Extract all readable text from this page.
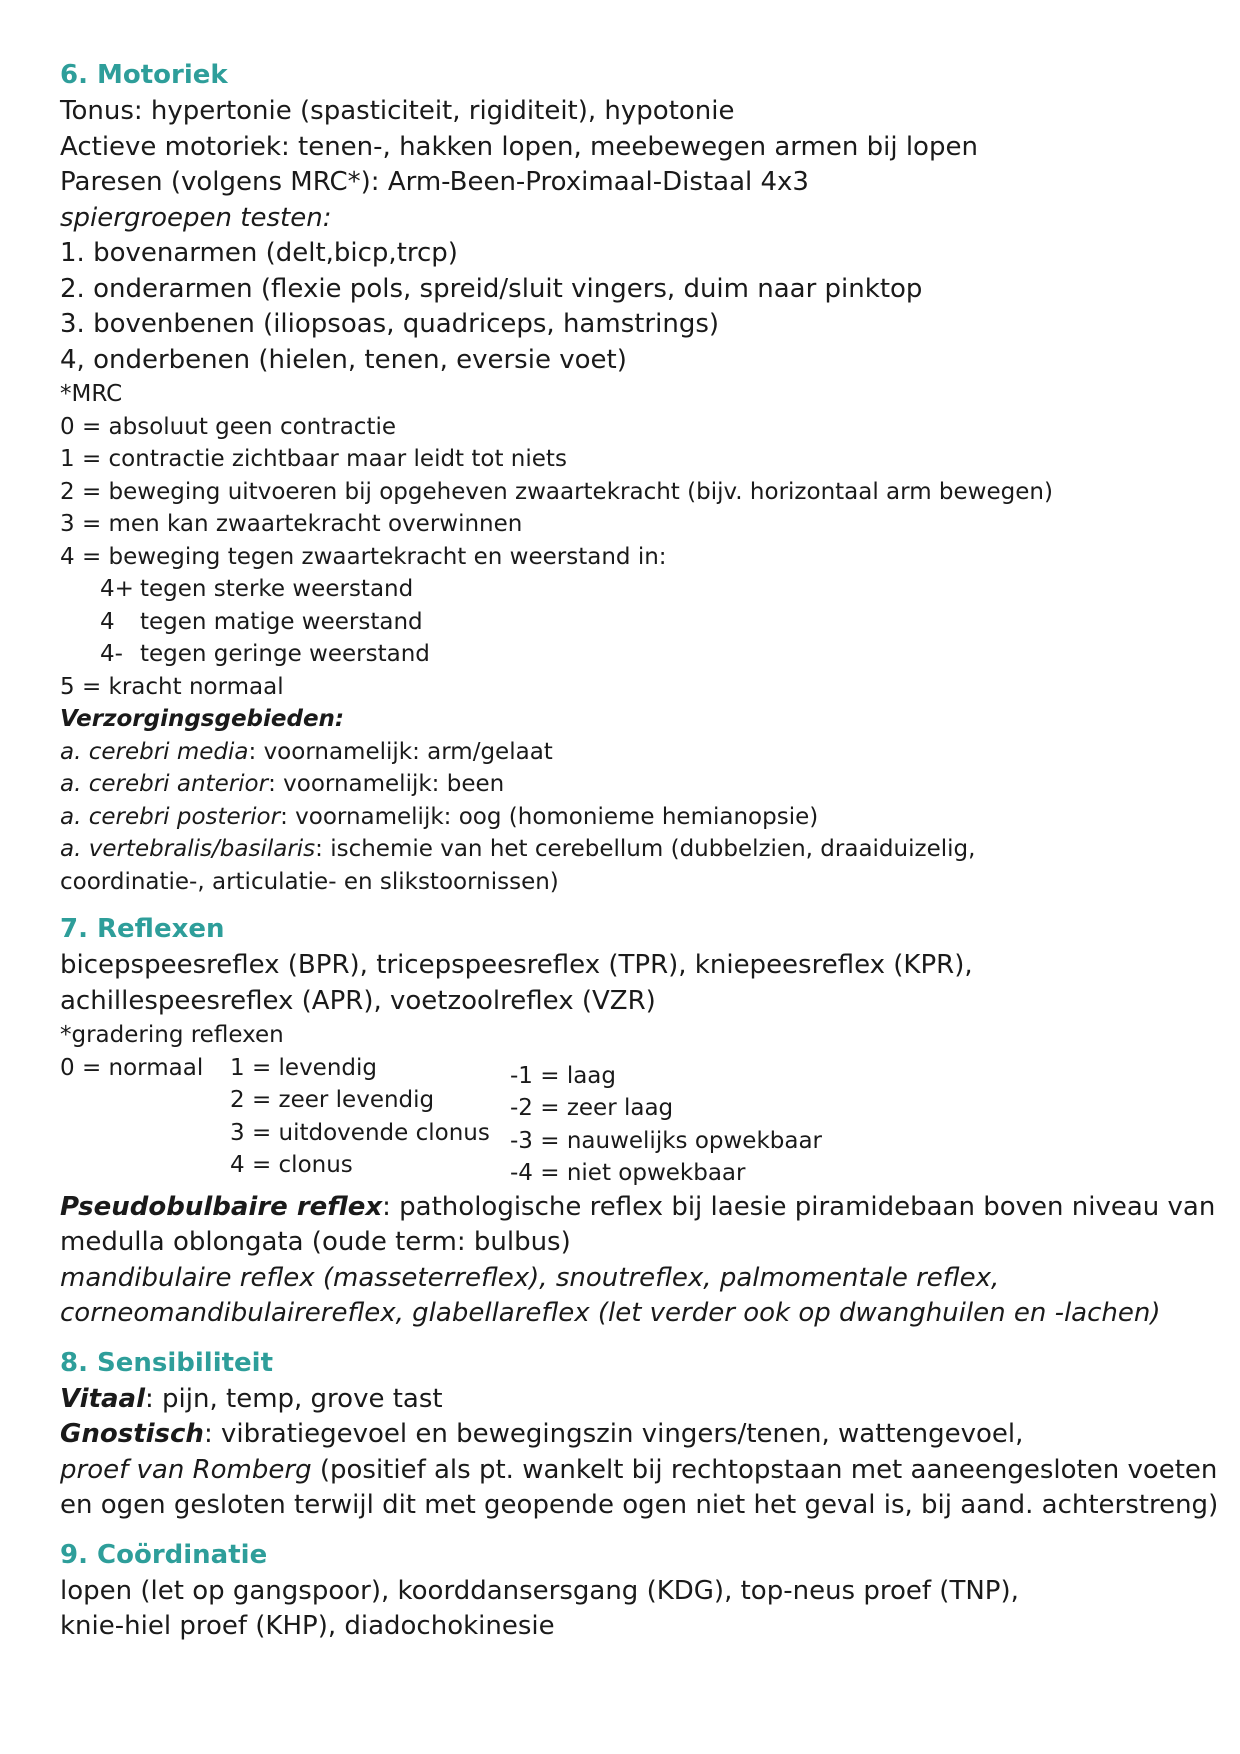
6. Motoriek

Tonus: hypertonie (spasticiteit, rigiditeit), hypotonie

Actieve motoriek: tenen-, hakken lopen, meebewegen armen bij lopen

Paresen (volgens MRC*): Arm-Been-Proximaal-Distaal 4x3

spiergroepen testen:

1. bovenarmen (delt,bicp,trcp)

2. onderarmen (flexie pols, spreid/sluit vingers, duim naar pinktop

3. bovenbenen (iliopsoas, quadriceps, hamstrings)

4, onderbenen (hielen, tenen, eversie voet)

*MRC

0 = absoluut geen contractie

1 = contractie zichtbaar maar leidt tot niets

2 = beweging uitvoeren bij opgeheven zwaartekracht (bijv. horizontaal arm bewegen)

3 = men kan zwaartekracht overwinnen

4 = beweging tegen zwaartekracht en weerstand in:

4+ tegen sterke weerstand

4 tegen matige weerstand

4- tegen geringe weerstand

5 = kracht normaal

Verzorgingsgebieden:

a. cerebri media: voornamelijk: arm/gelaat

a. cerebri anterior: voornamelijk: been

a. cerebri posterior: voornamelijk: oog (homonieme hemianopsie)

a. vertebralis/basilaris: ischemie van het cerebellum (dubbelzien, draaiduizelig,

coordinatie-, articulatie- en slikstoornissen)

7. Reflexen

bicepspeesreflex (BPR), tricepspeesreflex (TPR), kniepeesreflex (KPR),

achillespeesreflex (APR), voetzoolreflex (VZR)

*gradering reflexen

0 = normaal 1 = levendig
2 = zeer levendig
3 = uitdovende clonus
4 = clonus
-1 = laag
-2 = zeer laag
-3 = nauwelijks opwekbaar
-4 = niet opwekbaar

Pseudobulbaire reflex: pathologische reflex bij laesie piramidebaan boven niveau van

medulla oblongata (oude term: bulbus)

mandibulaire reflex (masseterreflex), snoutreflex, palmomentale reflex,

corneomandibulairereflex, glabellareflex (let verder ook op dwanghuilen en -lachen)

8. Sensibiliteit

Vitaal: pijn, temp, grove tast

Gnostisch: vibratiegevoel en bewegingszin vingers/tenen, wattengevoel,

proef van Romberg (positief als pt. wankelt bij rechtopstaan met aaneengesloten voeten

en ogen gesloten terwijl dit met geopende ogen niet het geval is, bij aand. achterstreng)

9. Coördinatie

lopen (let op gangspoor), koorddansersgang (KDG), top-neus proef (TNP),

knie-hiel proef (KHP), diadochokinesie
